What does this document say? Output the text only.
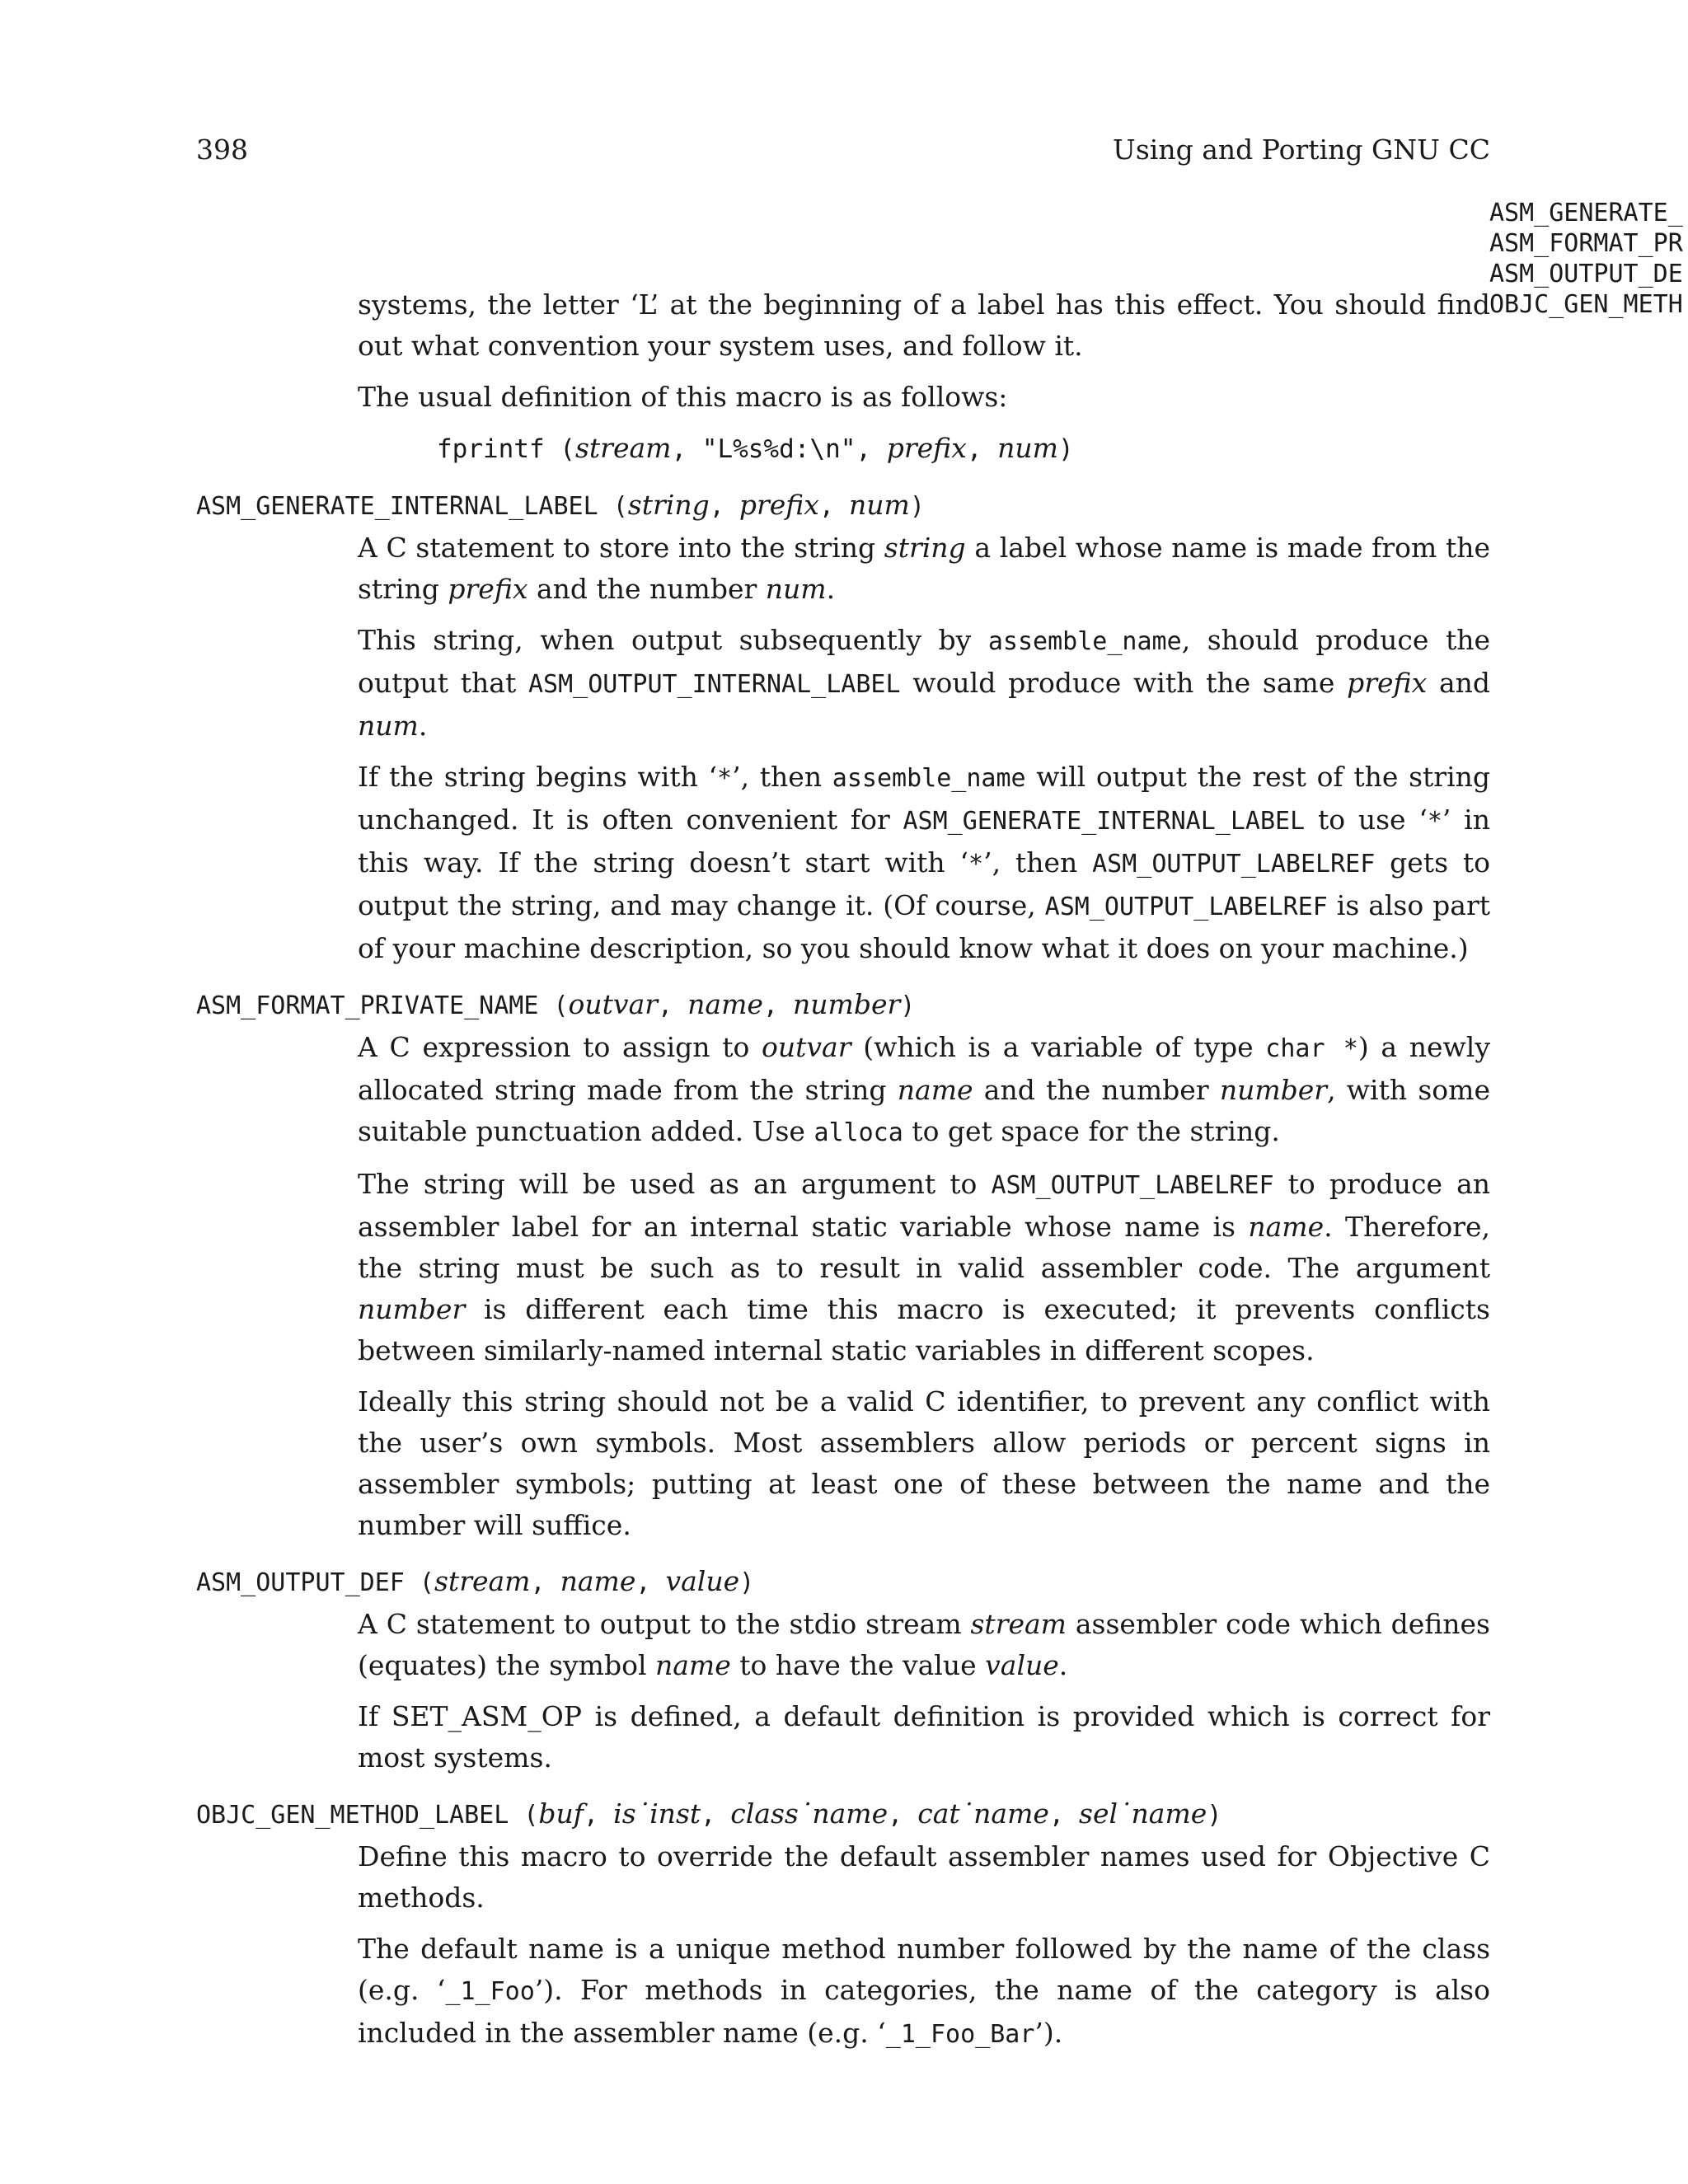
398	Using and Porting GNU CC
ASM_GENERATE_
ASM_FORMAT_PR
ASM_OUTPUT_DE
OBJC_GEN_METH

systems, the letter ‘L’ at the beginning of a label has this effect. You should find out what convention your system uses, and follow it.

The usual definition of this macro is as follows:

fprintf (stream, "L%s%d:\n", prefix, num)
ASM_GENERATE_INTERNAL_LABEL (string, prefix, num)

A C statement to store into the string string a label whose name is made from the string prefix and the number num.

This string, when output subsequently by assemble_name, should produce the output that ASM_OUTPUT_INTERNAL_LABEL would produce with the same prefix and num.

If the string begins with ‘*’, then assemble_name will output the rest of the string unchanged. It is often convenient for ASM_GENERATE_INTERNAL_LABEL to use ‘*’ in this way. If the string doesn’t start with ‘*’, then ASM_OUTPUT_LABELREF gets to output the string, and may change it. (Of course, ASM_OUTPUT_LABELREF is also part of your machine description, so you should know what it does on your machine.)

ASM_FORMAT_PRIVATE_NAME (outvar, name, number)

A C expression to assign to outvar (which is a variable of type char *) a newly allocated string made from the string name and the number number, with some suitable punctuation added. Use alloca to get space for the string.

The string will be used as an argument to ASM_OUTPUT_LABELREF to produce an assembler label for an internal static variable whose name is name. Therefore, the string must be such as to result in valid assembler code. The argument number is different each time this macro is executed; it prevents conflicts between similarly-named internal static variables in different scopes.

Ideally this string should not be a valid C identifier, to prevent any conflict with the user’s own symbols. Most assemblers allow periods or percent signs in assembler symbols; putting at least one of these between the name and the number will suffice.

ASM_OUTPUT_DEF (stream, name, value)

A C statement to output to the stdio stream stream assembler code which defines (equates) the symbol name to have the value value.

If SET_ASM_OP is defined, a default definition is provided which is correct for most systems.

OBJC_GEN_METHOD_LABEL (buf, is˙inst, class˙name, cat˙name, sel˙name)

Define this macro to override the default assembler names used for Objective C methods.

The default name is a unique method number followed by the name of the class (e.g. ‘_1_Foo’). For methods in categories, the name of the category is also included in the assembler name (e.g. ‘_1_Foo_Bar’).
